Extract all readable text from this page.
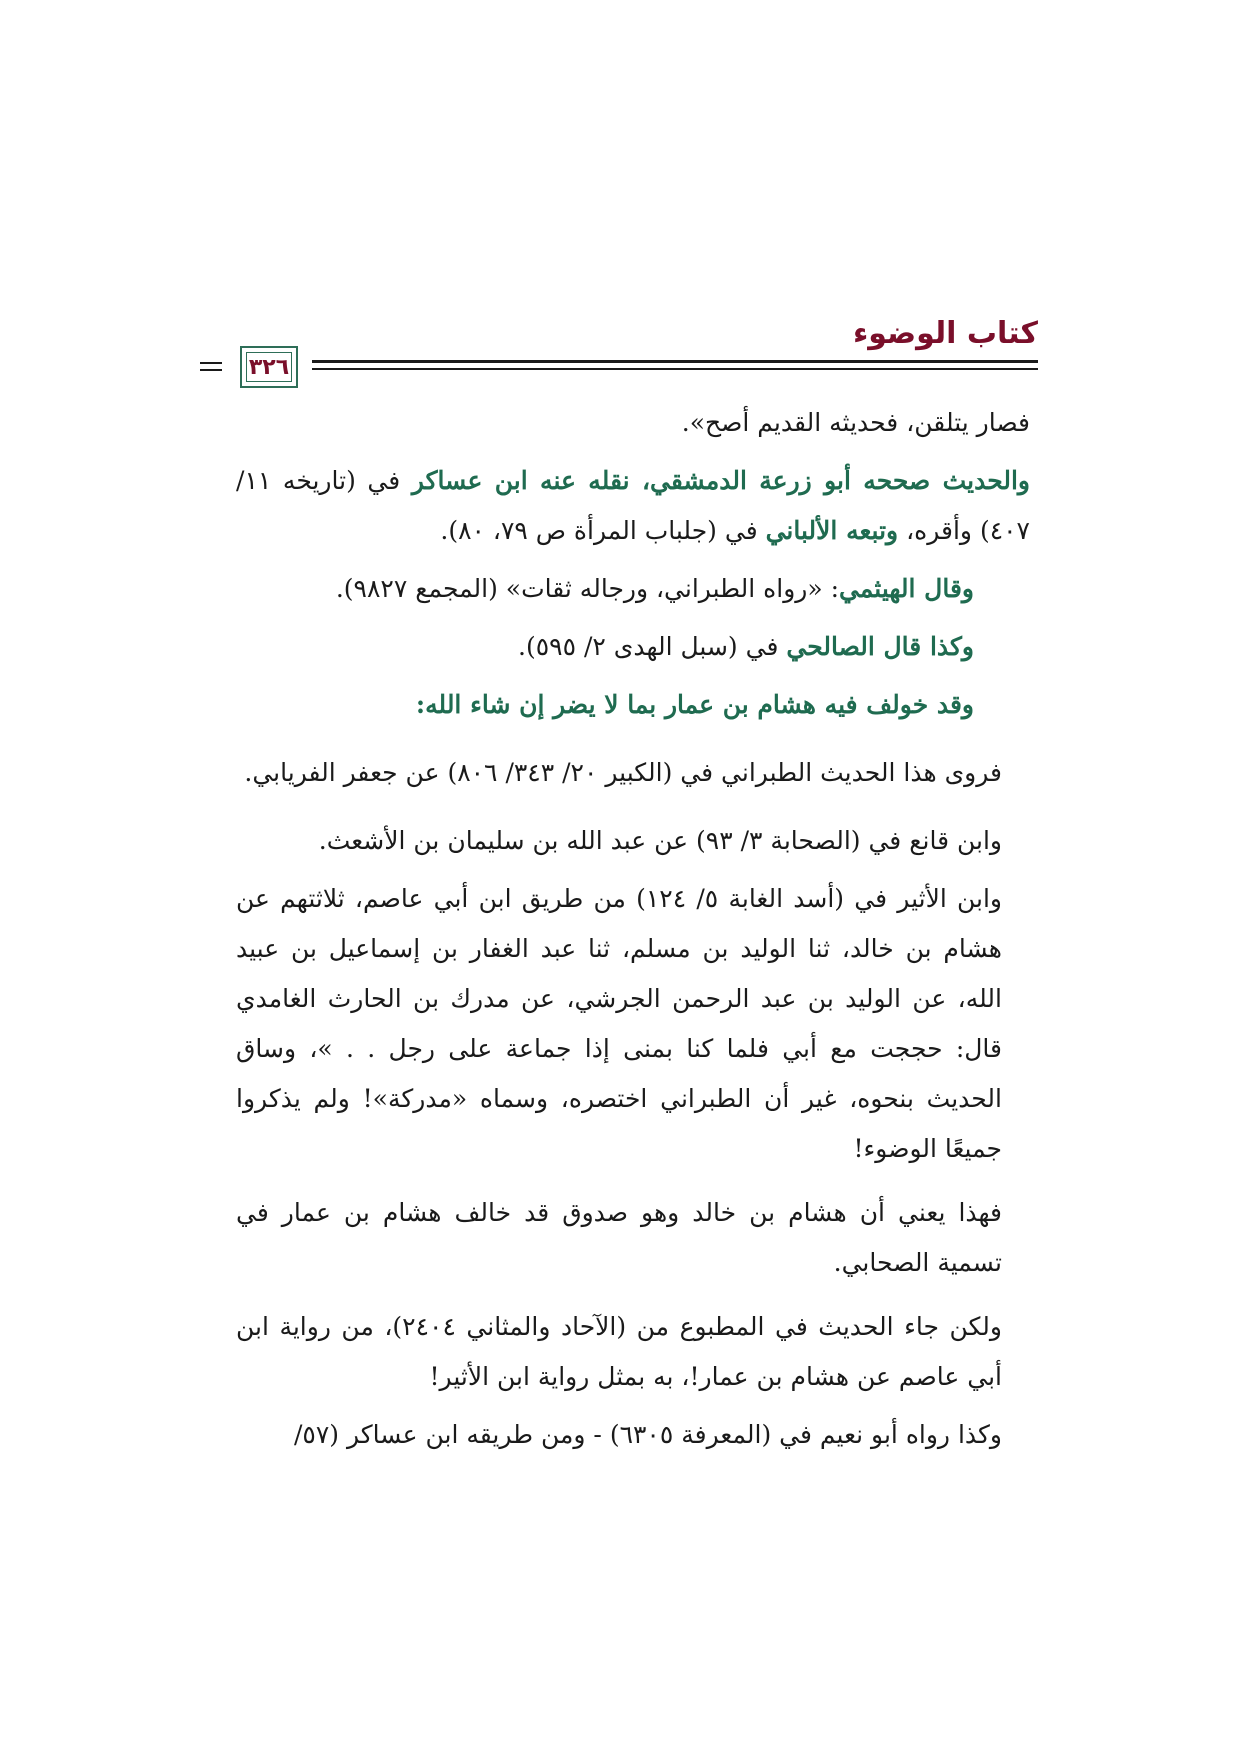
كتاب الوضوء
٣٢٦

فصار يتلقن، فحديثه القديم أصح».

والحديث صححه أبو زرعة الدمشقي، نقله عنه ابن عساكر في (تاريخه ١١/ ٤٠٧) وأقره، وتبعه الألباني في (جلباب المرأة ص ٧٩، ٨٠).

وقال الهيثمي: «رواه الطبراني، ورجاله ثقات» (المجمع ٩٨٢٧).

وكذا قال الصالحي في (سبل الهدى ٢/ ٥٩٥).

وقد خولف فيه هشام بن عمار بما لا يضر إن شاء الله:

فروى هذا الحديث الطبراني في (الكبير ٢٠/ ٣٤٣/ ٨٠٦) عن جعفر الفريابي.

وابن قانع في (الصحابة ٣/ ٩٣) عن عبد الله بن سليمان بن الأشعث.

وابن الأثير في (أسد الغابة ٥/ ١٢٤) من طريق ابن أبي عاصم، ثلاثتهم عن هشام بن خالد، ثنا الوليد بن مسلم، ثنا عبد الغفار بن إسماعيل بن عبيد الله، عن الوليد بن عبد الرحمن الجرشي، عن مدرك بن الحارث الغامدي قال: حججت مع أبي فلما كنا بمنى إذا جماعة على رجل . . »، وساق الحديث بنحوه، غير أن الطبراني اختصره، وسماه «مدركة»! ولم يذكروا جميعًا الوضوء!

فهذا يعني أن هشام بن خالد وهو صدوق قد خالف هشام بن عمار في تسمية الصحابي.

ولكن جاء الحديث في المطبوع من (الآحاد والمثاني ٢٤٠٤)، من رواية ابن أبي عاصم عن هشام بن عمار!، به بمثل رواية ابن الأثير!

وكذا رواه أبو نعيم في (المعرفة ٦٣٠٥) - ومن طريقه ابن عساكر (٥٧/
